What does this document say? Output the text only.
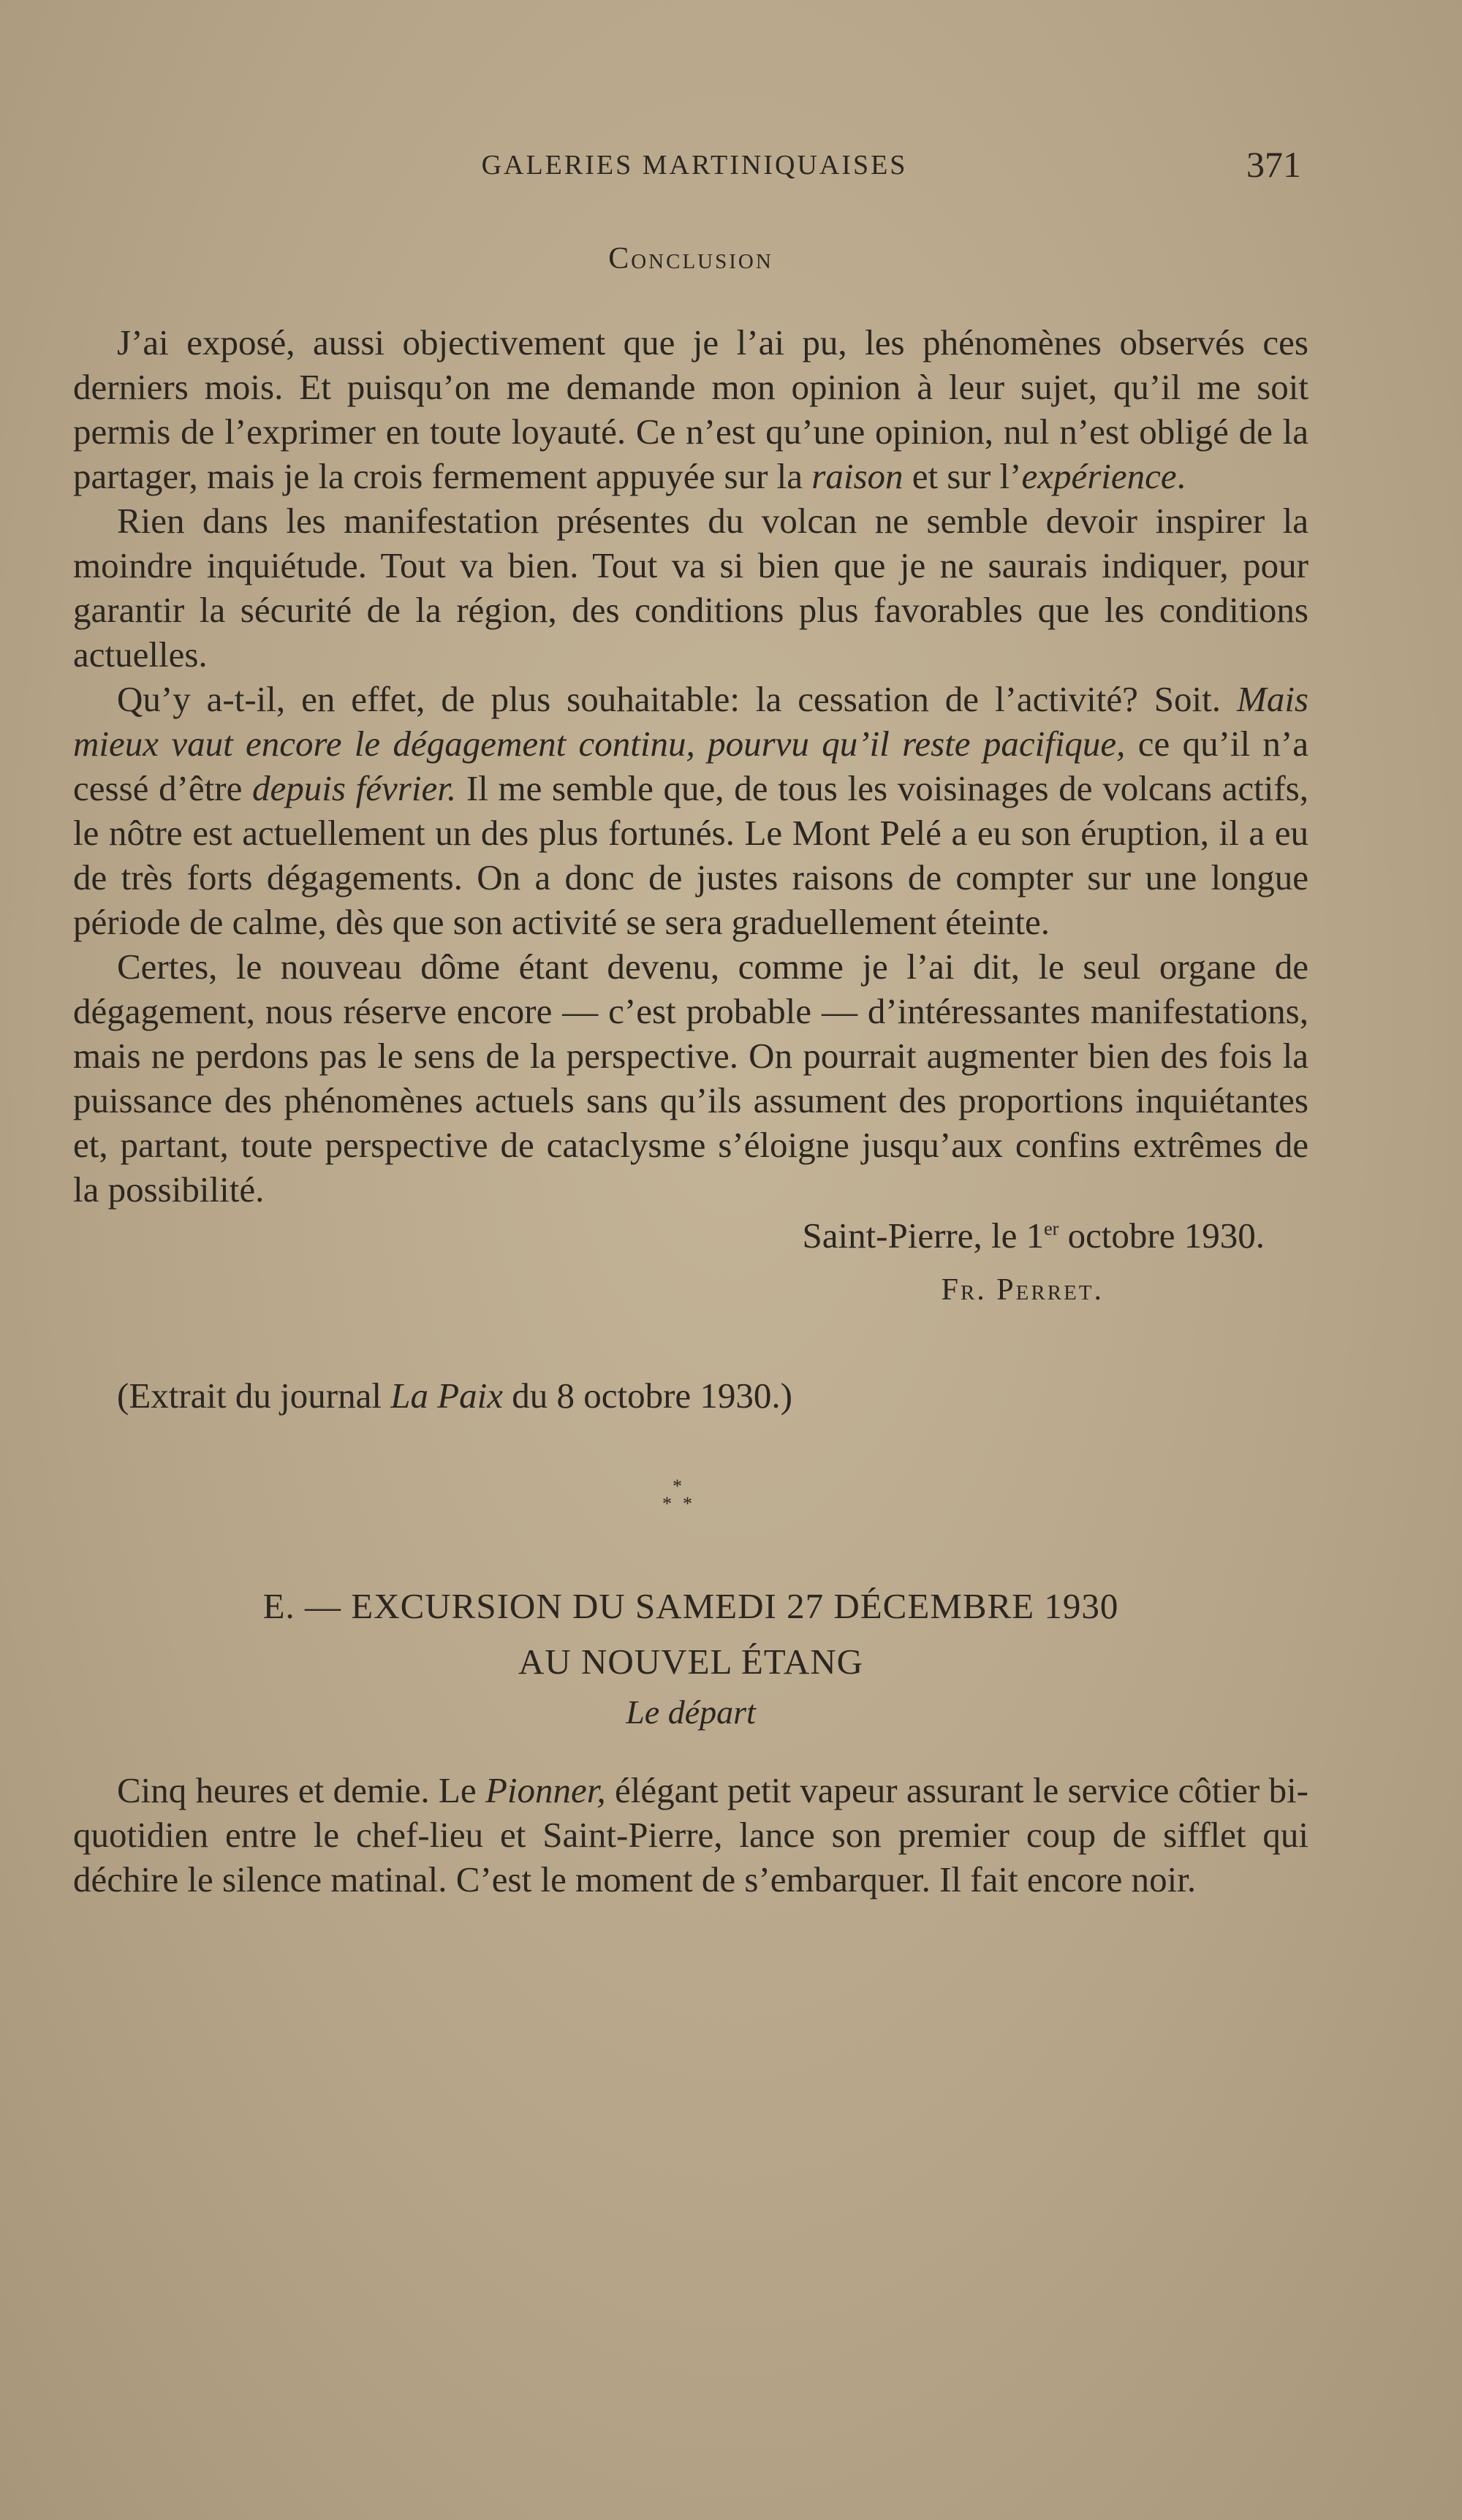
GALERIES MARTINIQUAISES	371
Conclusion

J’ai exposé, aussi objectivement que je l’ai pu, les phénomènes observés ces derniers mois. Et puisqu’on me demande mon opinion à leur sujet, qu’il me soit permis de l’exprimer en toute loyauté. Ce n’est qu’une opinion, nul n’est obligé de la partager, mais je la crois fermement appuyée sur la raison et sur l’expérience.

Rien dans les manifestation présentes du volcan ne semble devoir inspirer la moindre inquiétude. Tout va bien. Tout va si bien que je ne saurais indiquer, pour garantir la sécurité de la région, des conditions plus favorables que les conditions actuelles.

Qu’y a-t-il, en effet, de plus souhaitable: la cessation de l’activité? Soit. Mais mieux vaut encore le dégagement continu, pourvu qu’il reste pacifique, ce qu’il n’a cessé d’être depuis février. Il me semble que, de tous les voisinages de volcans actifs, le nôtre est actuellement un des plus fortunés. Le Mont Pelé a eu son éruption, il a eu de très forts dégagements. On a donc de justes raisons de compter sur une longue période de calme, dès que son activité se sera graduellement éteinte.

Certes, le nouveau dôme étant devenu, comme je l’ai dit, le seul organe de dégagement, nous réserve encore — c’est probable — d’intéressantes manifestations, mais ne perdons pas le sens de la perspective. On pourrait augmenter bien des fois la puissance des phénomènes actuels sans qu’ils assument des proportions inquiétantes et, partant, toute perspective de cataclysme s’éloigne jusqu’aux confins extrêmes de la possibilité.

Saint-Pierre, le 1er octobre 1930.
Fr. Perret.
(Extrait du journal La Paix du 8 octobre 1930.)
*
* *
E. — EXCURSION DU SAMEDI 27 DÉCEMBRE 1930
AU NOUVEL ÉTANG
Le départ

Cinq heures et demie. Le Pionner, élégant petit vapeur assurant le service côtier bi-quotidien entre le chef-lieu et Saint-Pierre, lance son premier coup de sifflet qui déchire le silence matinal. C’est le moment de s’embarquer. Il fait encore noir.
